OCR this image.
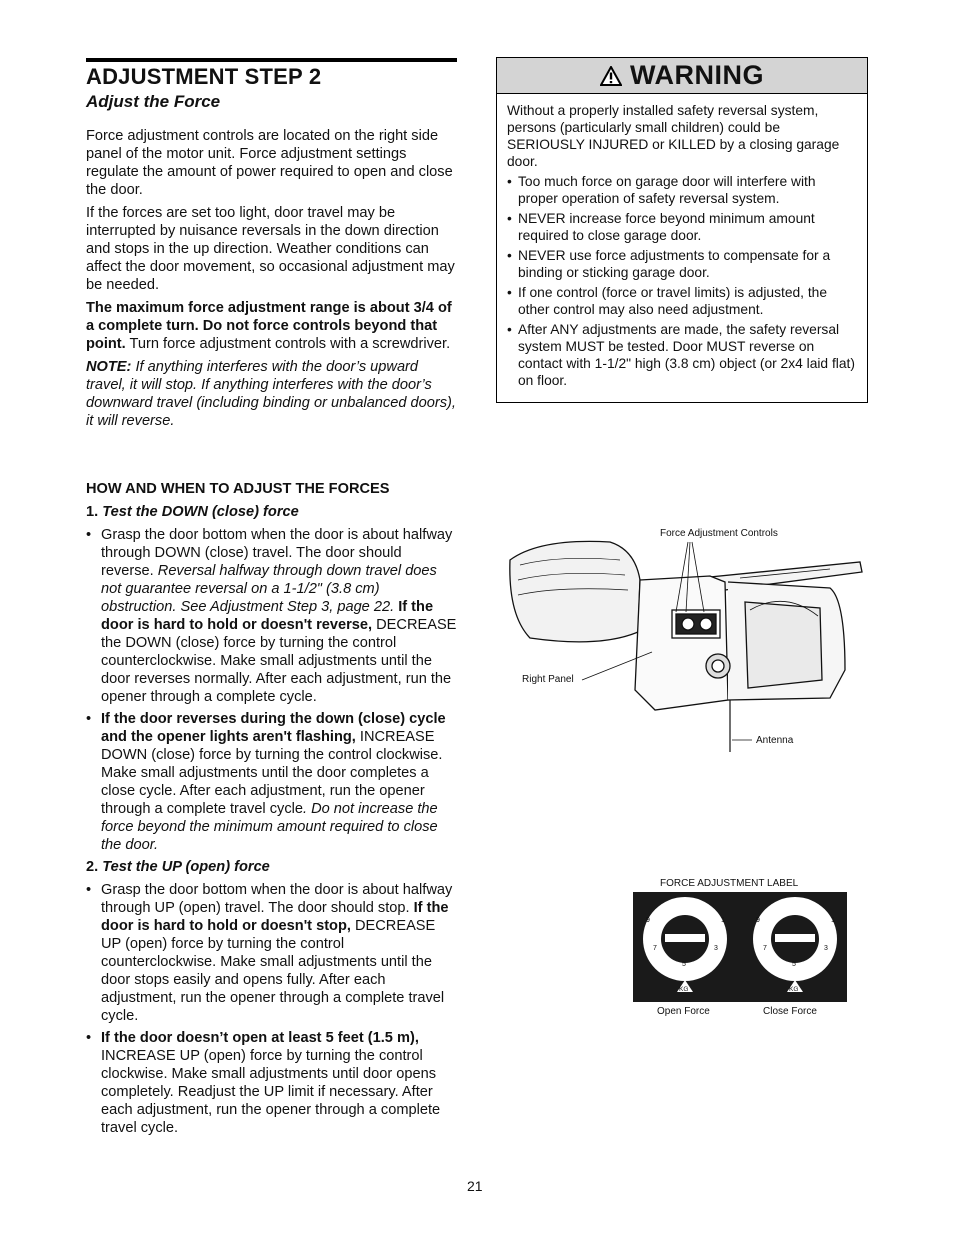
ADJUSTMENT STEP 2
Adjust the Force

Force adjustment controls are located on the right side panel of the motor unit. Force adjustment settings regulate the amount of power required to open and close the door.

If the forces are set too light, door travel may be interrupted by nuisance reversals in the down direction and stops in the up direction. Weather conditions can affect the door movement, so occasional adjustment may be needed.

The maximum force adjustment range is about 3/4 of a complete turn. Do not force controls beyond that point. Turn force adjustment controls with a screwdriver.

NOTE: If anything interferes with the door’s upward travel, it will stop. If anything interferes with the door’s downward travel (including binding or unbalanced doors), it will reverse.

HOW AND WHEN TO ADJUST THE FORCES

1. Test the DOWN (close) force

• Grasp the door bottom when the door is about halfway through DOWN (close) travel. The door should reverse. Reversal halfway through down travel does not guarantee reversal on a 1-1/2" (3.8 cm) obstruction. See Adjustment Step 3, page 22. If the door is hard to hold or doesn't reverse, DECREASE the DOWN (close) force by turning the control counterclockwise. Make small adjustments until the door reverses normally. After each adjustment, run the opener through a complete cycle.
• If the door reverses during the down (close) cycle and the opener lights aren't flashing, INCREASE DOWN (close) force by turning the control clockwise. Make small adjustments until the door completes a close cycle. After each adjustment, run the opener through a complete travel cycle. Do not increase the force beyond the minimum amount required to close the door.

2. Test the UP (open) force

• Grasp the door bottom when the door is about halfway through UP (open) travel. The door should stop. If the door is hard to hold or doesn't stop, DECREASE UP (open) force by turning the control counterclockwise. Make small adjustments until the door stops easily and opens fully. After each adjustment, run the opener through a complete travel cycle.
• If the door doesn’t open at least 5 feet (1.5 m), INCREASE UP (open) force by turning the control clockwise. Make small adjustments until door opens completely. Readjust the UP limit if necessary. After each adjustment, run the opener through a complete travel cycle.
WARNING

Without a properly installed safety reversal system, persons (particularly small children) could be SERIOUSLY INJURED or KILLED by a closing garage door.

• Too much force on garage door will interfere with proper operation of safety reversal system.
• NEVER increase force beyond minimum amount required to close garage door.
• NEVER use force adjustments to compensate for a binding or sticking garage door.
• If one control (force or travel limits) is adjusted, the other control may also need adjustment.
• After ANY adjustments are made, the safety reversal system MUST be tested. Door MUST reverse on contact with 1-1/2" high (3.8 cm) object (or 2x4 laid flat) on floor.
Force Adjustment Controls
Right Panel
Antenna
FORCE ADJUSTMENT LABEL
9	1
7	3
5
9	1
7	3
5
KG	KG
Open Force	Close Force
21
